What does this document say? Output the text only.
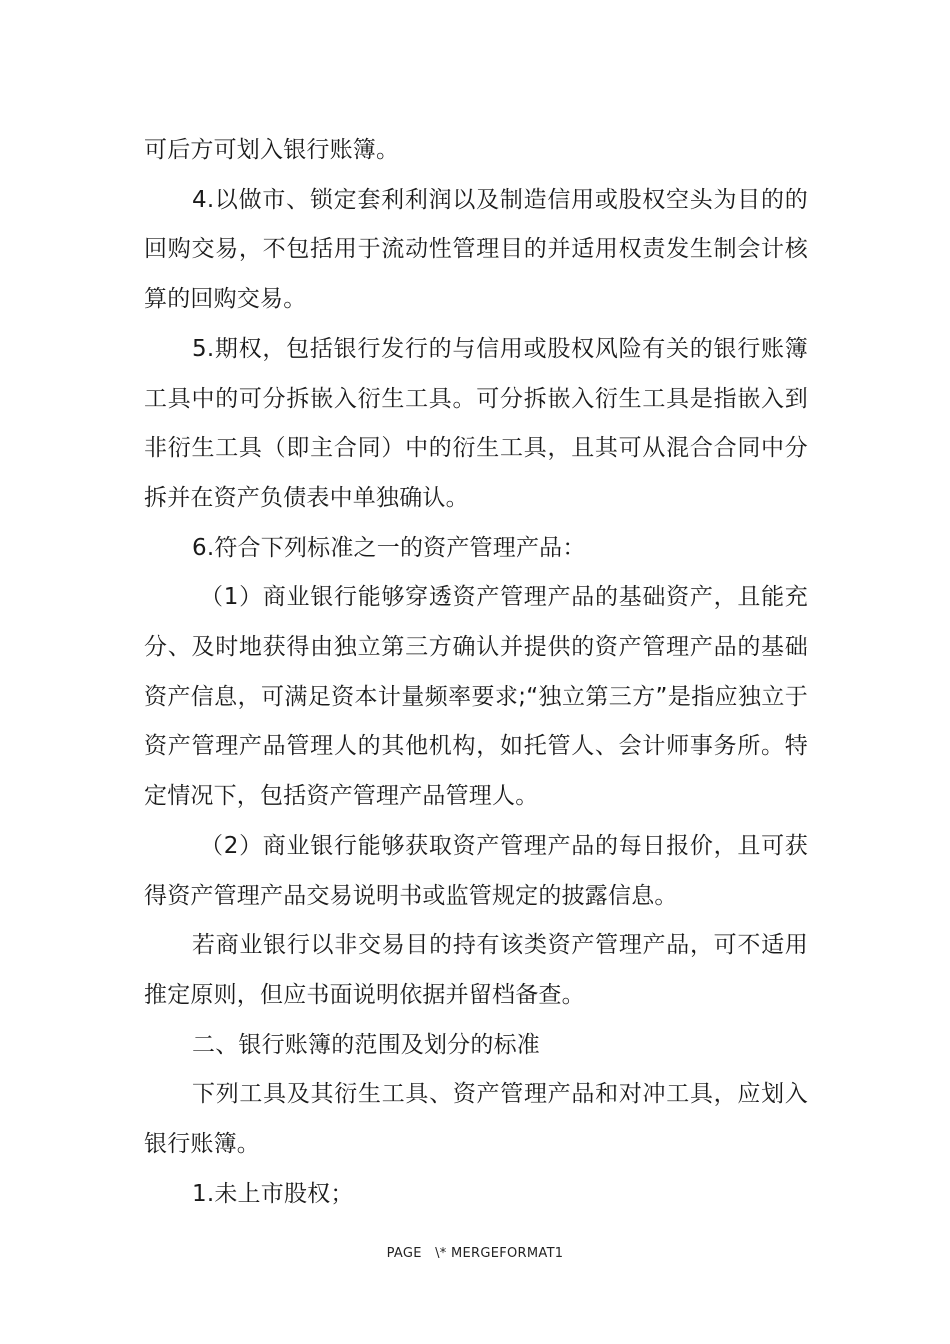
可后方可划入银行账簿。

4.以做市、锁定套利利润以及制造信用或股权空头为目的的回购交易，不包括用于流动性管理目的并适用权责发生制会计核算的回购交易。

5.期权，包括银行发行的与信用或股权风险有关的银行账簿工具中的可分拆嵌入衍生工具。可分拆嵌入衍生工具是指嵌入到非衍生工具（即主合同）中的衍生工具，且其可从混合合同中分拆并在资产负债表中单独确认。

6.符合下列标准之一的资产管理产品：

（1）商业银行能够穿透资产管理产品的基础资产，且能充分、及时地获得由独立第三方确认并提供的资产管理产品的基础资产信息，可满足资本计量频率要求;“独立第三方”是指应独立于资产管理产品管理人的其他机构，如托管人、会计师事务所。特定情况下，包括资产管理产品管理人。

（2）商业银行能够获取资产管理产品的每日报价，且可获得资产管理产品交易说明书或监管规定的披露信息。

若商业银行以非交易目的持有该类资产管理产品，可不适用推定原则，但应书面说明依据并留档备查。

二、银行账簿的范围及划分的标准

下列工具及其衍生工具、资产管理产品和对冲工具，应划入银行账簿。

1.未上市股权；

PAGE   \* MERGEFORMAT1
